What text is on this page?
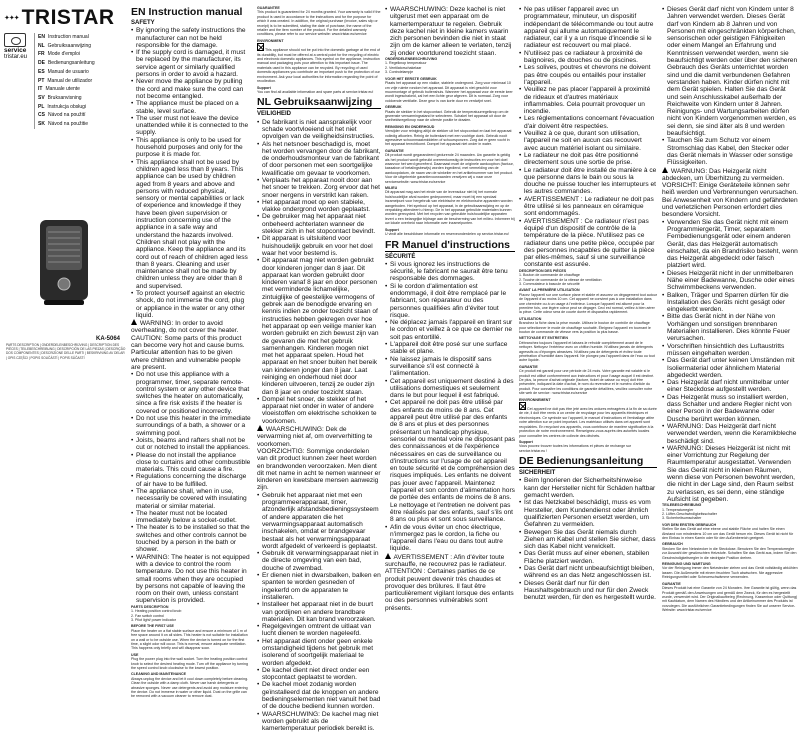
✦✦✦ TRISTAR
service
tristar.eu
EN Instruction manual
NL Gebruiksaanwijzing
FR Mode d'emploi
DE Bedienungsanleitung
ES Manual de usuario
PT Manual de utilizador
IT Manuale utente
SV Bruksanvisning
PL Instrukcja obsługi
CS Návod na použití
SK Návod na použitie
KA-5064
PARTS DESCRIPTION | ONDERDELENBESCHRIJVING | DESCRIPTION DES PIÈCES | TEILEBESCHREIBUNG | DESCRIPCIÓN DE LAS PIEZAS | DESCRIÇÃO DOS COMPONENTES | DESCRIZIONE DELLE PARTI | BESKRIVNING AV DELAR | OPIS CZĘŚCI | POPIS SOUČÁSTÍ | POPIS SÚČASTÍ
EN Instruction manual
SAFETY
• By ignoring the safety instructions the manufacturer can not be held responsible for the damage.
• If the supply cord is damaged, it must be replaced by the manufacturer, its service agent or similarly qualified persons in order to avoid a hazard.
• Never move the appliance by pulling the cord and make sure the cord can not become entangled.
• The appliance must be placed on a stable, level surface.
• The user must not leave the device unattended while it is connected to the supply.
• This appliance is only to be used for household purposes and only for the purpose it is made for.
• This appliance shall not be used by children aged less than 8 years. This appliance can be used by children aged from 8 years and above and persons with reduced physical, sensory or mental capabilities or lack of experience and knowledge if they have been given supervision or instruction concerning use of the appliance in a safe way and understand the hazards involved. Children shall not play with the appliance. Keep the appliance and its cord out of reach of children aged less than 8 years. Cleaning and user maintenance shall not be made by children unless they are older than 8 and supervised.
• To protect yourself against an electric shock, do not immerse the cord, plug or appliance in the water or any other liquid.
WARNING: In order to avoid overheating, do not cover the heater.
CAUTION: Some parts of this product can become very hot and cause burns. Particular attention has to be given where children and vulnerable people are present.
• Do not use this appliance with a programmer, timer, separate remote-control system or any other device that switches the heater on automatically, since a fire risk exists if the heater is covered or positioned incorrectly.
• Do not use this heater in the immediate surroundings of a bath, a shower or a swimming pool.
• Joists, beams and rafters shall not be cut or notched to install the appliances.
• Please do not install the appliance close to curtains and other combustible materials. This could cause a fire.
• Regulations concerning the discharge of air have to be fulfilled.
• The appliance shall, when in use, necessarily be covered with insulating material or similar material.
• The heater must not be located immediately below a socket-outlet.
• The heater is to be installed so that the switches and other controls cannot be touched by a person in the bath or shower.
• WARNING: The heater is not equipped with a device to control the room temperature. Do not use this heater in small rooms when they are occupied by persons not capable of leaving the room on their own, unless constant supervision is provided.

PARTS DESCRIPTION
1. Heating position control knob
2. Fan switch control
3. Pilot light/ power indicator

BEFORE THE FIRST USE
Place the heater on a flat stable surface and ensure a minimum of 1 m of free space around it on all sides. This heater is not suitable for installation on a wall or to be outside use. When the device is turned on for the first time, a slight odor will occur. This is normal, ensure adequate ventilation. This happens only briefly and will disappear soon.

USE
Plug the power plug into the wall socket. Turn the heating position control knob to select the desired heating mode. Turn off the appliance by turning the speed control knob clockwise to the lowest position.

CLEANING AND MAINTENANCE
Always unplug the device and let it cool down completely before cleaning. Clean the outside with a damp cloth. Never use harsh detergents or abrasive sponges. Never use detergents and avoid any moisture entering the device. Do not immerse in water or other liquid. Dust on the grille can be removed with a vacuum cleaner to remove dust.

GUARANTEE
This product is guaranteed for 24 months granted. Your warranty is valid if the product is used in accordance to the instructions and for the purpose for which it was created. In addition, the original purchase (invoice, sales slip or receipt) is to be submitted, stating the date of purchase, the name of the retailer and the item number of the product. For the detailed warranty conditions, please refer to our service website: www.tristar.eu/service

ENVIRONMENT
This appliance should not be put into the domestic garbage at the end of its durability, but must be offered at a central point for the recycling of electric and electronic domestic appliances. This symbol on the appliance, instruction manual and packaging puts your attention to this important issue. The materials used in this appliance can be recycled. By recycling of used domestic appliances you contribute an important push to the protection of our environment. Ask your local authorities for information regarding the point of recollection.

Support
You can find all available information and spare parts at service.tristar.eu!

NL Gebruiksaanwijzing
VEILIGHEID
• De fabrikant is niet aansprakelijk voor schade voortvloeiend uit het niet opvolgen van de veiligheidsinstructies.
• Als het netsnoer beschadigd is, moet het worden vervangen door de fabrikant, de onderhoudsmonteur van de fabrikant of door personen met een soortgelijke kwalificatie om gevaar te voorkomen.
• Verplaats het apparaat nooit door aan het snoer te trekken. Zorg ervoor dat het snoer nergens in verstrikt kan raken.
• Het apparaat moet op een stabiele, vlakke ondergrond worden geplaatst.
• De gebruiker mag het apparaat niet onbeheerd achterlaten wanneer de stekker zich in het stopcontact bevindt.
• Dit apparaat is uitsluitend voor huishoudelijk gebruik en voor het doel waar het voor bestemd is.
• Dit apparaat mag niet worden gebruikt door kinderen jonger dan 8 jaar. Dit apparaat kan worden gebruikt door kinderen vanaf 8 jaar en door personen met verminderde lichamelijke, zintuiglijke of geestelijke vermogens of gebrek aan de benodigde ervaring en kennis indien ze onder toezicht staan of instructies hebben gekregen over hoe het apparaat op een veilige manier kan worden gebruikt en zich bewust zijn van de gevaren die met het gebruik samenhangen. Kinderen mogen niet met het apparaat spelen. Houd het apparaat en het snoer buiten het bereik van kinderen jonger dan 8 jaar. Laat reiniging en onderhoud niet door kinderen uitvoeren, tenzij ze ouder zijn dan 8 jaar en onder toezicht staan.
• Dompel het snoer, de stekker of het apparaat niet onder in water of andere vloeistoffen om elektrische schokken te voorkomen.
WAARSCHUWING: Dek de verwarming niet af, om oververhitting te voorkomen.
VOORZICHTIG: Sommige onderdelen van dit product kunnen zeer heet worden en brandwonden veroorzaken. Men dient dit met name in acht te nemen wanneer er kinderen en kwetsbare mensen aanwezig zijn.
• Gebruik het apparaat niet met een programmeerapparaat, timer, afzonderlijk afstandsbedieningssysteem of andere apparaten die het verwarmingsapparaat automatisch inschakelen, omdat er brandgevaar bestaat als het verwarmingsapparaat wordt afgedekt of verkeerd is geplaatst.
• Gebruik dit verwarmingsapparaat niet in de directe omgeving van een bad, douche of zwembad.
• Er dienen niet in dwarsbalken, balken en spanten te worden gesneden of ingekerfd om de apparaten te installeren.
• Installeer het apparaat niet in de buurt van gordijnen en andere brandbare materialen. Dit kan brand veroorzaken.
• Regelgevingen omtrent de uitlaat van lucht dienen te worden nageleefd.
• Het apparaat dient onder geen enkele omstandigheid tijdens het gebruik met isolerend of soortgelijk materiaal te worden afgedekt.
• De kachel dient niet direct onder een stopcontact geplaatst te worden.
• De kachel moet zodanig worden geïnstalleerd dat de knoppen en andere bedieningselementen niet vanuit het bad of de douche bediend kunnen worden.
• WAARSCHUWING: De kachel mag niet worden gebruikt als de kamertemperatuur periodiek bereikt is.
• WAARSCHUWING: Deze kachel is niet uitgerust met een apparaat om de kamertemperatuur te regelen. Gebruik deze kachel niet in kleine kamers waarin zich personen bevinden die niet in staat zijn om de kamer alleen te verlaten, tenzij zij onder voortdurend toezicht staan.

ONDERDELENBESCHRIJVING
1. Regelknop temperatuur
2. Ventilatorschakelaar
3. Controlelampje

VOOR HET EERSTE GEBRUIK
Plaats het apparaat op een vlakke, stabiele ondergrond. Zorg voor minimaal 10 cm vrije ruimte rondom het apparaat. Dit apparaat is niet geschikt voor muurmontage of gebruik buitenshuis. Wanneer het apparaat voor de eerste keer wordt ingeschakeld, zal het een lichte geur afgeven. Dit is normaal. Zorg voor voldoende ventilatie. Deze geur is van korte duur en verdwijnt snel.

GEBRUIK
Plaats de stekker in het stopcontact. Gebruik de temperatuurregelknop om de gewenste verwarmingsstand te selecteren. Schakel het apparaat uit door de snelheidsregelknop naar de uiterste positie te draaien.

REINIGING EN ONDERHOUD
Verwijder voor reiniging altijd de stekker uit het stopcontact en laat het apparaat volledig afkoelen. Reinig de buitenkant met een vochtige doek. Gebruik nooit agressieve schoonmaakmiddelen of schuursponzen. Zorg dat er geen vocht in het apparaat terechtkomt. Dompel het apparaat niet onder in water.

GARANTIE
Dit product wordt gegarandeerd gedurende 24 maanden. Uw garantie is geldig als het product wordt gebruikt overeenkomstig de instructies en voor het doel waarvoor het werd gecreëerd. Daarnaast moet de originele aankoopbon (factuur, kassabon of betalingsbewijs) worden ingediend, met vermelding van de aankoopdatum, de naam van de winkelier en het artikelnummer van het product. Voor de uitgebreide garantievoorwaarden verwijzen wij u naar onze servicewebsite: www.tristar.eu/service

MILIEU
Dit apparaat mag aan het einde van de levensduur niet bij het normale huishoudelijke afval worden gedeponeerd, maar moet bij een speciaal inzamelpunt voor hergebruik van elektrische en elektronische apparaten worden aangeboden. Het symbool op het apparaat, in de gebruiksaanwijzing en op de verpakking attendeert u hierop. De in het apparaat gebruikte materialen kunnen worden gerecycled. Met het recyclen van gebruikte huishoudelijke apparaten levert u een belangrijke bijdrage aan de bescherming van het milieu. Informeer bij uw lokale overheid naar informatie over inzamelpunten.

Support
U vindt alle beschikbare informatie en reserveonderdelen op service.tristar.eu!

FR Manuel d'instructions
SÉCURITÉ
• Si vous ignorez les instructions de sécurité, le fabricant ne saurait être tenu responsable des dommages.
• Si le cordon d'alimentation est endommagé, il doit être remplacé par le fabricant, son réparateur ou des personnes qualifiées afin d'éviter tout risque.
• Ne déplacez jamais l'appareil en tirant sur le cordon et veillez à ce que ce dernier ne soit pas entortillé.
• L'appareil doit être posé sur une surface stable et plane.
• Ne laissez jamais le dispositif sans surveillance s'il est connecté à l'alimentation.
• Cet appareil est uniquement destiné à des utilisations domestiques et seulement dans le but pour lequel il est fabriqué.
• Cet appareil ne doit pas être utilisé par des enfants de moins de 8 ans. Cet appareil peut être utilisé par des enfants de 8 ans et plus et des personnes présentant un handicap physique, sensoriel ou mental voire ne disposant pas des connaissances et de l'expérience nécessaires en cas de surveillance ou d'instructions sur l'usage de cet appareil en toute sécurité et de compréhension des risques impliqués. Les enfants ne doivent pas jouer avec l'appareil. Maintenez l'appareil et son cordon d'alimentation hors de portée des enfants de moins de 8 ans. Le nettoyage et l'entretien ne doivent pas être réalisés par des enfants, sauf s'ils ont 8 ans ou plus et sont sous surveillance.
• Afin de vous éviter un choc électrique, n'immergez pas le cordon, la fiche ou l'appareil dans l'eau ou dans tout autre liquide.
AVERTISSEMENT : Afin d'éviter toute surchauffe, ne recouvrez pas le radiateur.
ATTENTION : Certaines parties de ce produit peuvent devenir très chaudes et provoquer des brûlures. Il faut être particulièrement vigilant lorsque des enfants ou des personnes vulnérables sont présents.
• Ne pas utiliser l'appareil avec un programmateur, minuteur, un dispositif indépendant de télécommande ou tout autre appareil qui allume automatiquement le radiateur, car il y a un risque d'incendie si le radiateur est recouvert ou mal placé.
• N'utilisez pas ce radiateur à proximité de baignoires, de douches ou de piscines.
• Les solives, poutres et chevrons ne doivent pas être coupés ou entaillés pour installer l'appareil.
• Veuillez ne pas placer l'appareil à proximité de rideaux et d'autres matériaux inflammables. Cela pourrait provoquer un incendie.
• Les réglementations concernant l'évacuation d'air doivent être respectées.
• Veuillez à ce que, durant son utilisation, l'appareil ne soit en aucun cas recouvert avec aucun matériel isolant ou similaire.
• Le radiateur ne doit pas être positionné directement sous une sortie de prise.
• Le radiateur doit être installé de manière à ce que personne dans le bain ou sous la douche ne puisse toucher les interrupteurs et les autres commandes.
• AVERTISSEMENT : Le radiateur ne doit pas être utilisé si les panneaux en céramique sont endommagés.
• AVERTISSEMENT : Ce radiateur n'est pas équipé d'un dispositif de contrôle de la température de la pièce. N'utilisez pas ce radiateur dans une petite pièce, occupée par des personnes incapables de quitter la pièce par elles-mêmes, sauf si une surveillance constante est assurée.

DESCRIPTION DES PIÈCES
1. Bouton de commande de chauffage
2. Touche de commande de la vitesse de ventilation
3. Commutateur à bascule de sécurité

AVANT LA PREMIÈRE UTILISATION
Placez l'appareil sur une surface plane et stable et assurez un dégagement tout autour de l'appareil d'au moins 10 cm. Cet appareil ne convient pas à une installation dans une cheminée ou à un usage à l'extérieur. Lorsque l'appareil est allumé pour la première fois, une légère odeur peut se dégager. Ceci est normal, veillez à bien aérer la pièce. Cette odeur sera de courte durée et disparaîtra rapidement.

UTILISATION
Branchez la fiche dans la prise murale. Utilisez le bouton de contrôle de chauffage pour sélectionner le mode de chauffage souhaité. Éteignez l'appareil en tournant le bouton de commande de vitesse vers la position la plus basse.

NETTOYAGE ET ENTRETIEN
Débranchez toujours l'appareil et laissez-le refroidir complètement avant de le nettoyer. Nettoyez l'extérieur avec un chiffon humide. N'utilisez jamais de détergents agressifs ou d'éponges abrasives. N'utilisez pas de détergents et évitez toute pénétration d'humidité dans l'appareil. Ne plongez pas l'appareil dans de l'eau ou tout autre liquide.

GARANTIE
Ce produit est garanti pour une période de 24 mois. Votre garantie est valable si le produit est utilisé conformément aux instructions et pour l'usage auquel il est destiné. De plus, la preuve d'achat originale (facture, ticket de caisse ou reçu) doit être présentée, indiquant la date d'achat, le nom du revendeur et le numéro d'article du produit. Pour connaître les conditions de garantie détaillées, veuillez consulter notre site web de service : www.tristar.eu/service

ENVIRONNEMENT
Cet appareil ne doit pas être jeté avec les ordures ménagères à la fin de sa durée de vie, il doit être remis à un centre de recyclage pour les appareils électriques et électroniques. Ce symbole sur l'appareil, le manuel d'instructions et l'emballage attire votre attention sur ce point important. Les matériaux utilisés dans cet appareil sont recyclables. En recyclant vos appareils, vous contribuez de manière significative à la protection de notre environnement. Renseignez-vous auprès des autorités locales pour connaître les centres de collecte des déchets.

Support
Vous pouvez trouver toutes les informations et pièces de rechange sur service.tristar.eu !

DE Bedienungsanleitung
SICHERHEIT
• Beim Ignorieren der Sicherheitshinweise kann der Hersteller nicht für Schäden haftbar gemacht werden.
• Ist das Netzkabel beschädigt, muss es vom Hersteller, dem Kundendienst oder ähnlich qualifizierten Personen ersetzt werden, um Gefahren zu vermeiden.
• Bewegen Sie das Gerät niemals durch Ziehen am Kabel und stellen Sie sicher, dass sich das Kabel nicht verwickelt.
• Das Gerät muss auf einer ebenen, stabilen Fläche platziert werden.
• Das Gerät darf nicht unbeaufsichtigt bleiben, während es an das Netz angeschlossen ist.
• Dieses Gerät darf nur für den Haushaltsgebrauch und nur für den Zweck benutzt werden, für den es hergestellt wurde.
• Dieses Gerät darf nicht von Kindern unter 8 Jahren verwendet werden. Dieses Gerät darf von Kindern ab 8 Jahren und von Personen mit eingeschränkten körperlichen, sensorischen oder geistigen Fähigkeiten oder einem Mangel an Erfahrung und Kenntnissen verwendet werden, wenn sie beaufsichtigt werden oder über den sicheren Gebrauch des Geräts unterrichtet worden sind und die damit verbundenen Gefahren verstanden haben. Kinder dürfen nicht mit dem Gerät spielen. Halten Sie das Gerät und sein Anschlusskabel außerhalb der Reichweite von Kindern unter 8 Jahren. Reinigungs- und Wartungsarbeiten dürfen nicht von Kindern vorgenommen werden, es sei denn, sie sind älter als 8 und werden beaufsichtigt.
• Tauchen Sie zum Schutz vor einem Stromschlag das Kabel, den Stecker oder das Gerät niemals in Wasser oder sonstige Flüssigkeiten.
WARNUNG: Das Heizgerät nicht abdecken, um Überhitzung zu vermeiden.
VORSICHT: Einige Geräteteile können sehr heiß werden und Verbrennungen verursachen. Bei Anwesenheit von Kindern und gefährdeten und verletzlichen Personen erfordert dies besondere Vorsicht.
• Verwenden Sie das Gerät nicht mit einem Programmiergerät, Timer, separatem Fernbedienungsgerät oder einem anderen Gerät, das das Heizgerät automatisch einschaltet, da ein Brandrisiko besteht, wenn das Heizgerät abgedeckt oder falsch platziert wird.
• Dieses Heizgerät nicht in der unmittelbaren Nähe einer Badewanne, Dusche oder eines Schwimmbeckens verwenden.
• Balken, Träger und Sparren dürfen für die Installation des Geräts nicht gesägt oder eingekerbt werden.
• Bitte das Gerät nicht in der Nähe von Vorhängen und sonstigen brennbaren Materialien installieren. Dies könnte Feuer verursachen.
• Vorschriften hinsichtlich des Luftaustritts müssen eingehalten werden.
• Das Gerät darf unter keinen Umständen mit Isoliermaterial oder ähnlichem Material abgedeckt werden.
• Das Heizgerät darf nicht unmittelbar unter einer Steckdose aufgestellt werden.
• Das Heizgerät muss so installiert werden, dass Schalter und andere Regler nicht von einer Person in der Badewanne oder Dusche berührt werden können.
• WARNUNG: Das Heizgerät darf nicht verwendet werden, wenn die Keramikbleche beschädigt sind.
• WARNUNG: Dieses Heizgerät ist nicht mit einer Vorrichtung zur Regelung der Raumtemperatur ausgestattet. Verwenden Sie das Gerät nicht in kleinen Räumen, wenn diese von Personen bewohnt werden, die nicht in der Lage sind, den Raum selbst zu verlassen, es sei denn, eine ständige Aufsicht ist gegeben.

TEILEBESCHREIBUNG
1. Temperaturregler
2. Lüfter-Geschwindigkeitsschalter
3. Sicherheitsumschalter

VOR DEM ERSTEN GEBRAUCH
Stellen Sie das Gerät auf eine ebene und stabile Fläche und halten Sie einen Abstand von mindestens 10 cm um das Gerät herum ein. Dieses Gerät ist nicht für den Einbau in einen Kamin oder für den Außenbereich geeignet.

GEBRAUCH
Stecken Sie den Netzstecker in die Steckdose. Benutzen Sie den Temperaturregler zur Auswahl der gewünschten Heizstufe. Schalten Sie das Gerät aus, indem Sie den Geschwindigkeitsregler in die niedrigste Position drehen.

REINIGUNG UND WARTUNG
Vor der Reinigung immer den Netzstecker ziehen und das Gerät vollständig abkühlen lassen. Die Außenseite mit einem feuchten Tuch abwischen. Nie aggressive Reinigungsmittel oder Scheuerschwämme verwenden.

GARANTIE
Dieses Produkt hat eine Garantie von 24 Monaten. Ihre Garantie ist gültig, wenn das Produkt gemäß den Anweisungen und gemäß dem Zweck, für den es hergestellt wurde, verwendet wird. Der Originalkaufbeleg (Rechnung, Kassenbon oder Quittung) mit Kaufdatum, dem Namen des Händlers und der Artikelnummer des Produkts ist vorzulegen. Die ausführlichen Garantiebedingungen finden Sie auf unserer Service-Website: www.tristar.eu/service
